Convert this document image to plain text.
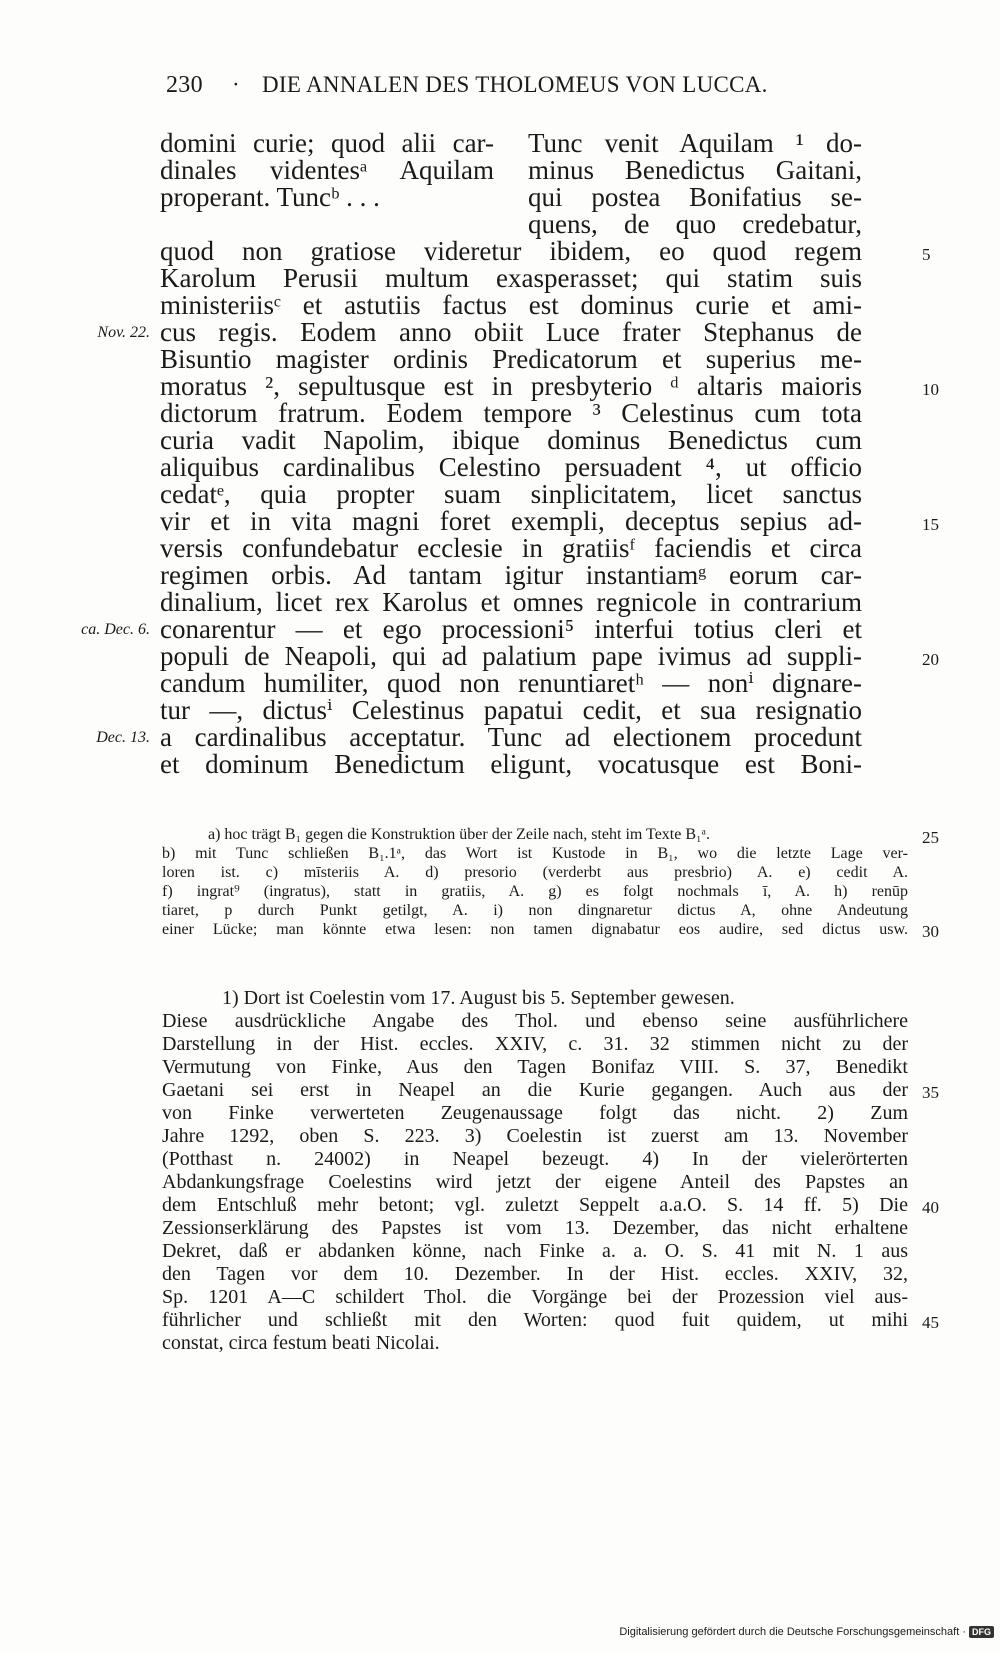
230 · DIE ANNALEN DES THOLOMEUS VON LUCCA.
domini curie; quod alii car-
dinales videntesᵃ Aquilam
properant. Tuncᵇ . . .
Tunc venit Aquilam ¹ do-
minus Benedictus Gaitani,
qui postea Bonifatius se-
quens, de quo credebatur,
quod non gratiose videretur ibidem, eo quod regem
Karolum Perusii multum exasperasset; qui statim suis
ministeriisᶜ et astutiis factus est dominus curie et ami-
cus regis. Eodem anno obiit Luce frater Stephanus de
Bisuntio magister ordinis Predicatorum et superius me-
moratus ², sepultusque est in presbyterio ᵈ altaris maioris
dictorum fratrum. Eodem tempore ³ Celestinus cum tota
curia vadit Napolim, ibique dominus Benedictus cum
aliquibus cardinalibus Celestino persuadent ⁴, ut officio
cedatᵉ, quia propter suam sinplicitatem, licet sanctus
vir et in vita magni foret exempli, deceptus sepius ad-
versis confundebatur ecclesie in gratiisᶠ faciendis et circa
regimen orbis. Ad tantam igitur instantiamᵍ eorum car-
dinalium, licet rex Karolus et omnes regnicole in contrarium
conarentur — et ego processioni⁵ interfui totius cleri et
populi de Neapoli, qui ad palatium pape ivimus ad suppli-
candum humiliter, quod non renuntiaretʰ — nonⁱ dignare-
tur —, dictusⁱ Celestinus papatui cedit, et sua resignatio
a cardinalibus acceptatur. Tunc ad electionem procedunt
et dominum Benedictum eligunt, vocatusque est Boni-
5
10
15
20
Nov. 22.
ca. Dec. 6.
Dec. 13.
a) hoc trägt B₁ gegen die Konstruktion über der Zeile nach, steht im Texte B₁ᵃ.
b) mit Tunc schließen B₁.1ᵃ, das Wort ist Kustode in B₁, wo die letzte Lage ver-
loren ist. c) mīsteriis A. d) presorio (verderbt aus presbrio) A. e) cedit A.
f) ingrat⁹ (ingratus), statt in gratiis, A. g) es folgt nochmals ī, A. h) renūp
tiaret, p durch Punkt getilgt, A. i) non dingnaretur dictus A, ohne Andeutung
einer Lücke; man könnte etwa lesen: non tamen dignabatur eos audire, sed dictus usw.
25
30
1) Dort ist Coelestin vom 17. August bis 5. September gewesen.
Diese ausdrückliche Angabe des Thol. und ebenso seine ausführlichere
Darstellung in der Hist. eccles. XXIV, c. 31. 32 stimmen nicht zu der
Vermutung von Finke, Aus den Tagen Bonifaz VIII. S. 37, Benedikt
Gaetani sei erst in Neapel an die Kurie gegangen. Auch aus der
von Finke verwerteten Zeugenaussage folgt das nicht. 2) Zum
Jahre 1292, oben S. 223. 3) Coelestin ist zuerst am 13. November
(Potthast n. 24002) in Neapel bezeugt. 4) In der vielerörterten
Abdankungsfrage Coelestins wird jetzt der eigene Anteil des Papstes an
dem Entschluß mehr betont; vgl. zuletzt Seppelt a.a.O. S. 14 ff. 5) Die
Zessionserklärung des Papstes ist vom 13. Dezember, das nicht erhaltene
Dekret, daß er abdanken könne, nach Finke a. a. O. S. 41 mit N. 1 aus
den Tagen vor dem 10. Dezember. In der Hist. eccles. XXIV, 32,
Sp. 1201 A—C schildert Thol. die Vorgänge bei der Prozession viel aus-
führlicher und schließt mit den Worten: quod fuit quidem, ut mihi
constat, circa festum beati Nicolai.
35
40
45
Digitalisierung gefördert durch die Deutsche Forschungsgemeinschaft · DFG
